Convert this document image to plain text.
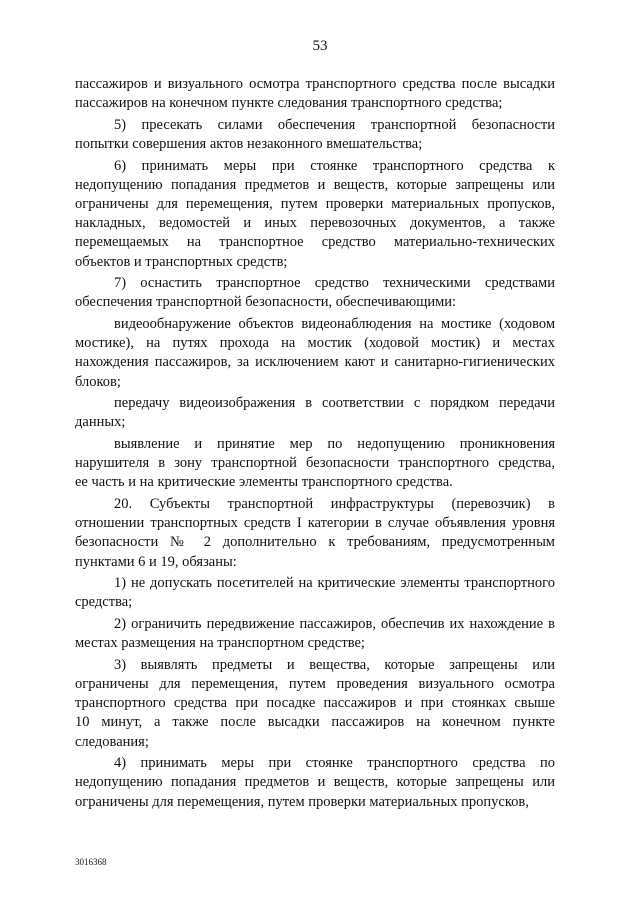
53
пассажиров и визуального осмотра транспортного средства после высадки
пассажиров на конечном пункте следования транспортного средства;
5) пресекать силами обеспечения транспортной безопасности
попытки совершения актов незаконного вмешательства;
6) принимать меры при стоянке транспортного средства к
недопущению попадания предметов и веществ, которые запрещены или
ограничены для перемещения, путем проверки материальных пропусков,
накладных, ведомостей и иных перевозочных документов, а также
перемещаемых на транспортное средство материально-технических
объектов и транспортных средств;
7) оснастить транспортное средство техническими средствами
обеспечения транспортной безопасности, обеспечивающими:
видеообнаружение объектов видеонаблюдения на мостике (ходовом
мостике), на путях прохода на мостик (ходовой мостик) и местах
нахождения пассажиров, за исключением кают и санитарно-гигиенических
блоков;
передачу видеоизображения в соответствии с порядком передачи
данных;
выявление и принятие мер по недопущению проникновения
нарушителя в зону транспортной безопасности транспортного средства,
ее часть и на критические элементы транспортного средства.
20. Субъекты транспортной инфраструктуры (перевозчик) в
отношении транспортных средств I категории в случае объявления уровня
безопасности № 2 дополнительно к требованиям, предусмотренным
пунктами 6 и 19, обязаны:
1) не допускать посетителей на критические элементы транспортного
средства;
2) ограничить передвижение пассажиров, обеспечив их нахождение в
местах размещения на транспортном средстве;
3) выявлять предметы и вещества, которые запрещены или
ограничены для перемещения, путем проведения визуального осмотра
транспортного средства при посадке пассажиров и при стоянках свыше
10 минут, а также после высадки пассажиров на конечном пункте
следования;
4) принимать меры при стоянке транспортного средства по
недопущению попадания предметов и веществ, которые запрещены или
ограничены для перемещения, путем проверки материальных пропусков,
3016368
